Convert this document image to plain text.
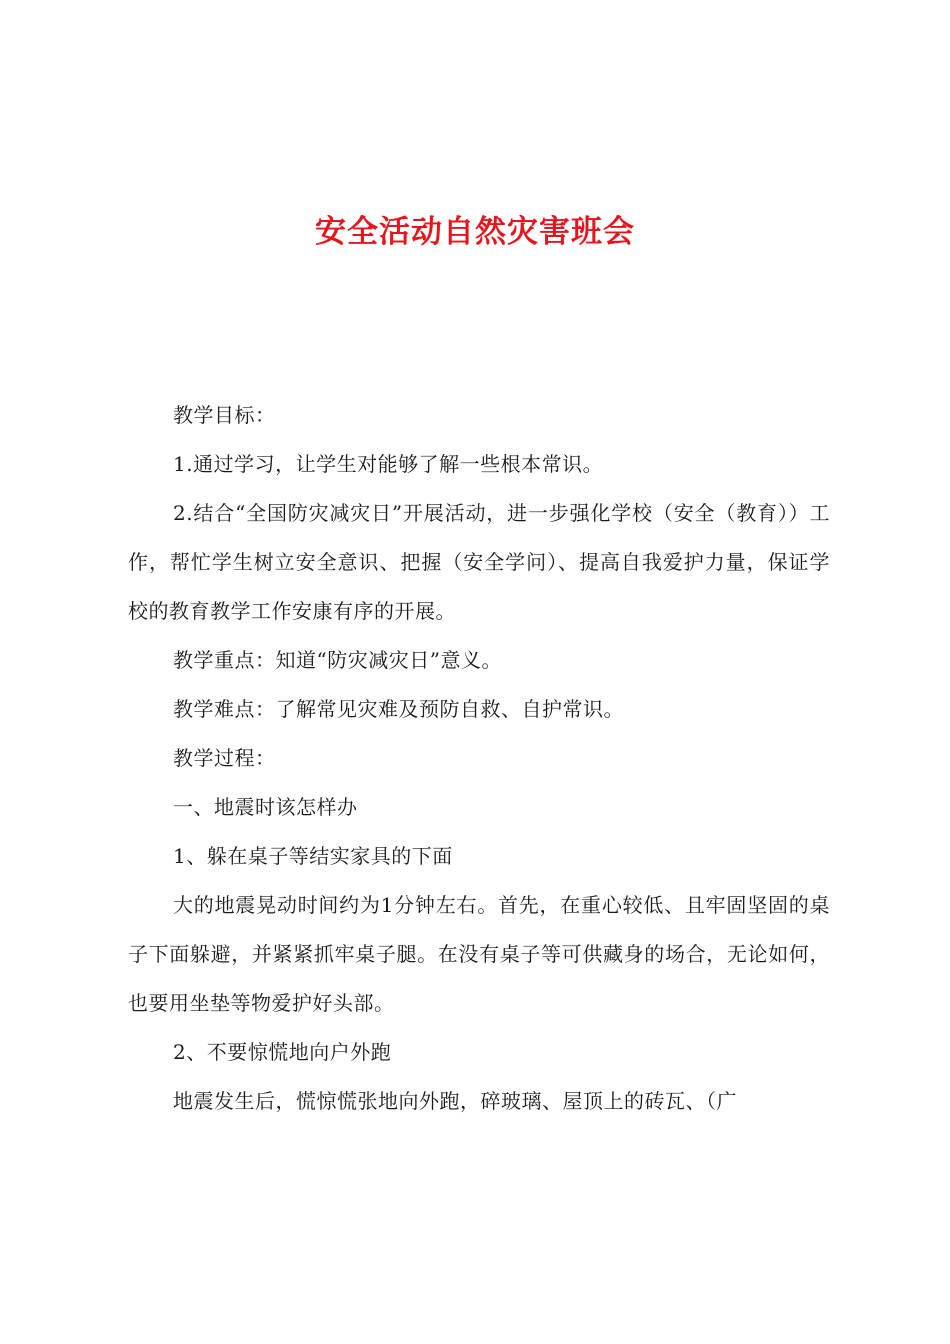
安全活动自然灾害班会

教学目标：

1.通过学习，让学生对能够了解一些根本常识。

2.结合“全国防灾减灾日”开展活动，进一步强化学校（安全（教育））工作，帮忙学生树立安全意识、把握（安全学问）、提高自我爱护力量，保证学校的教育教学工作安康有序的开展。

教学重点：知道“防灾减灾日”意义。

教学难点：了解常见灾难及预防自救、自护常识。

教学过程：

一、地震时该怎样办

1、躲在桌子等结实家具的下面

大的地震晃动时间约为1分钟左右。首先，在重心较低、且牢固坚固的桌子下面躲避，并紧紧抓牢桌子腿。在没有桌子等可供藏身的场合，无论如何，也要用坐垫等物爱护好头部。

2、不要惊慌地向户外跑

地震发生后，慌惊慌张地向外跑，碎玻璃、屋顶上的砖瓦、（广
